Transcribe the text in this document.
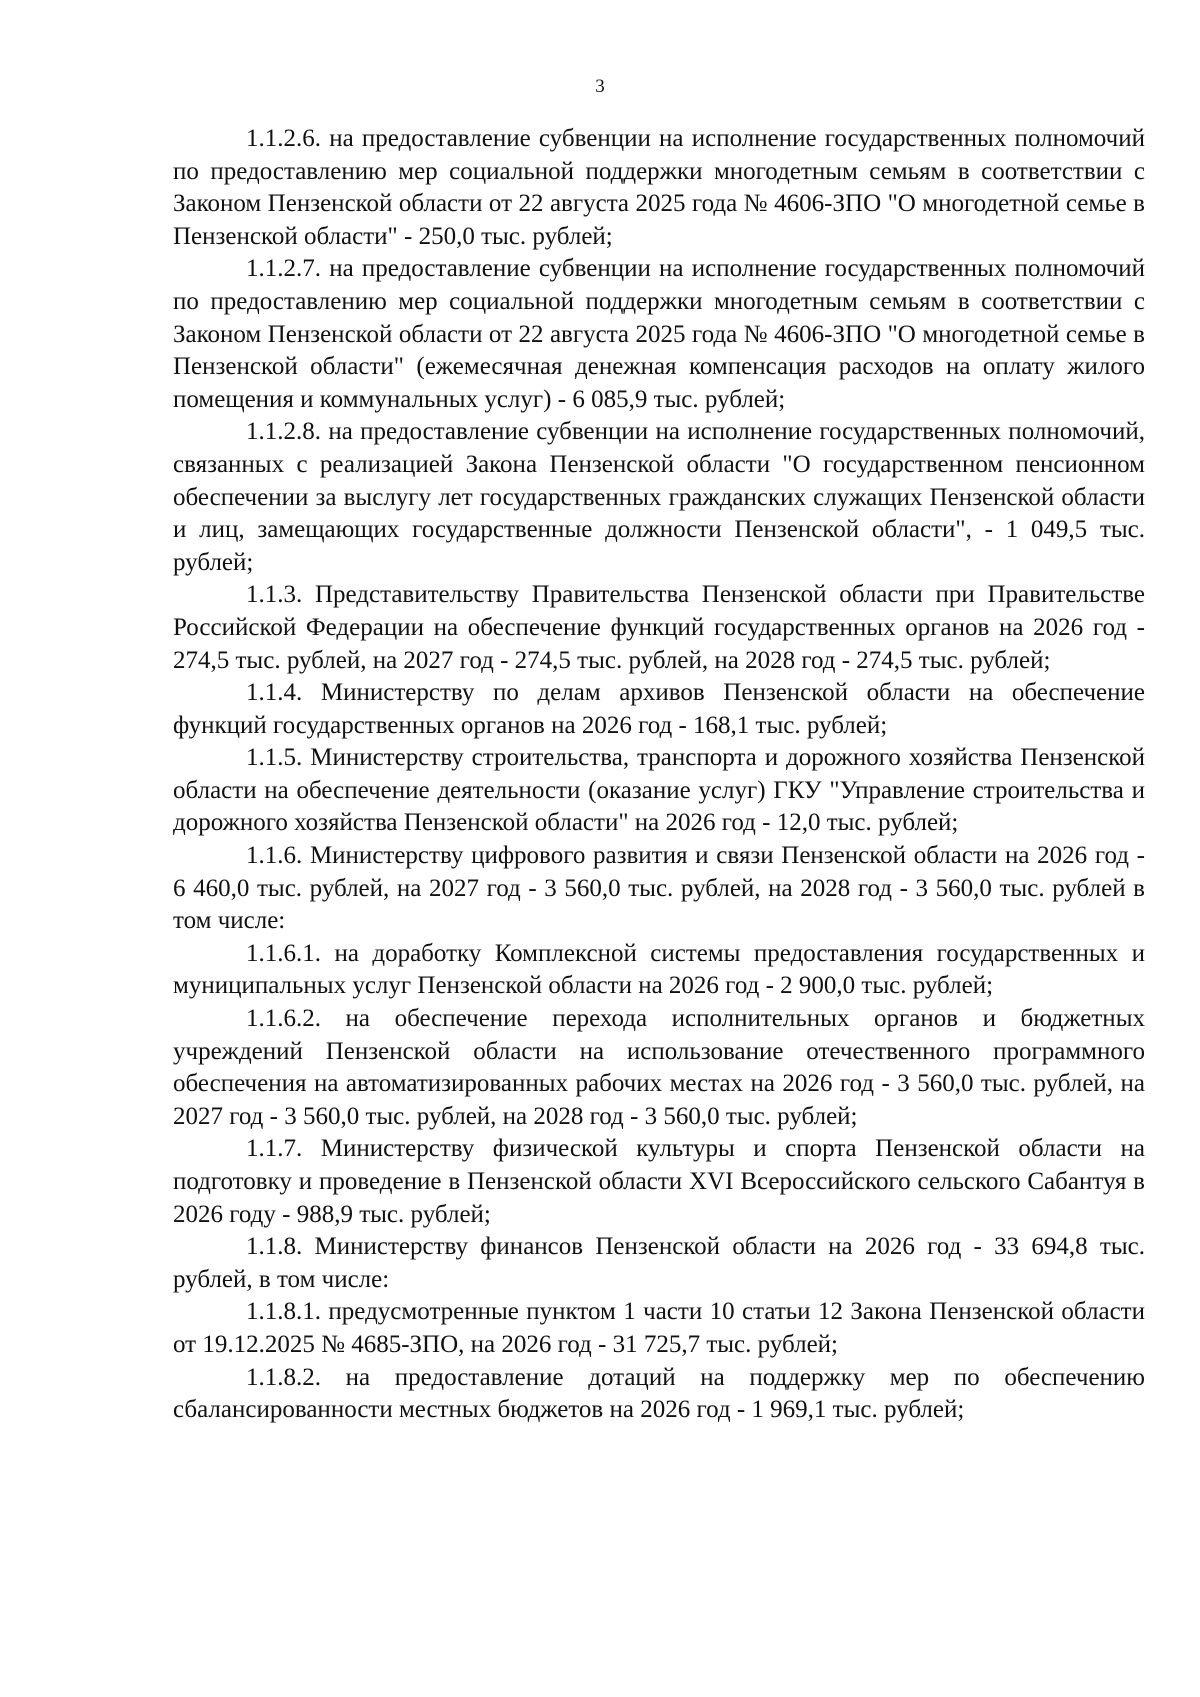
3

1.1.2.6. на предоставление субвенции на исполнение государственных полномочий по предоставлению мер социальной поддержки многодетным семьям в соответствии с Законом Пензенской области от 22 августа 2025 года № 4606-ЗПО "О многодетной семье в Пензенской области" - 250,0 тыс. рублей;

1.1.2.7. на предоставление субвенции на исполнение государственных полномочий по предоставлению мер социальной поддержки многодетным семьям в соответствии с Законом Пензенской области от 22 августа 2025 года № 4606-ЗПО "О многодетной семье в Пензенской области" (ежемесячная денежная компенсация расходов на оплату жилого помещения и коммунальных услуг) - 6 085,9 тыс. рублей;

1.1.2.8. на предоставление субвенции на исполнение государственных полномочий, связанных с реализацией Закона Пензенской области "О государственном пенсионном обеспечении за выслугу лет государственных гражданских служащих Пензенской области и лиц, замещающих государственные должности Пензенской области", - 1 049,5 тыс. рублей;

1.1.3. Представительству Правительства Пензенской области при Правительстве Российской Федерации на обеспечение функций государственных органов на 2026 год - 274,5 тыс. рублей, на 2027 год - 274,5 тыс. рублей, на 2028 год - 274,5 тыс. рублей;

1.1.4. Министерству по делам архивов Пензенской области на обеспечение функций государственных органов на 2026 год - 168,1 тыс. рублей;

1.1.5. Министерству строительства, транспорта и дорожного хозяйства Пензенской области на обеспечение деятельности (оказание услуг) ГКУ "Управление строительства и дорожного хозяйства Пензенской области" на 2026 год - 12,0 тыс. рублей;

1.1.6. Министерству цифрового развития и связи Пензенской области на 2026 год - 6 460,0 тыс. рублей, на 2027 год - 3 560,0 тыс. рублей, на 2028 год - 3 560,0 тыс. рублей в том числе:

1.1.6.1. на доработку Комплексной системы предоставления государственных и муниципальных услуг Пензенской области на 2026 год - 2 900,0 тыс. рублей;

1.1.6.2. на обеспечение перехода исполнительных органов и бюджетных учреждений Пензенской области на использование отечественного программного обеспечения на автоматизированных рабочих местах на 2026 год - 3 560,0 тыс. рублей, на 2027 год - 3 560,0 тыс. рублей, на 2028 год - 3 560,0 тыс. рублей;

1.1.7. Министерству физической культуры и спорта Пензенской области на подготовку и проведение в Пензенской области XVI Всероссийского сельского Сабантуя в 2026 году - 988,9 тыс. рублей;

1.1.8. Министерству финансов Пензенской области на 2026 год - 33 694,8 тыс. рублей, в том числе:

1.1.8.1. предусмотренные пунктом 1 части 10 статьи 12 Закона Пензенской области от 19.12.2025 № 4685-ЗПО, на 2026 год - 31 725,7 тыс. рублей;

1.1.8.2. на предоставление дотаций на поддержку мер по обеспечению сбалансированности местных бюджетов на 2026 год - 1 969,1 тыс. рублей;
